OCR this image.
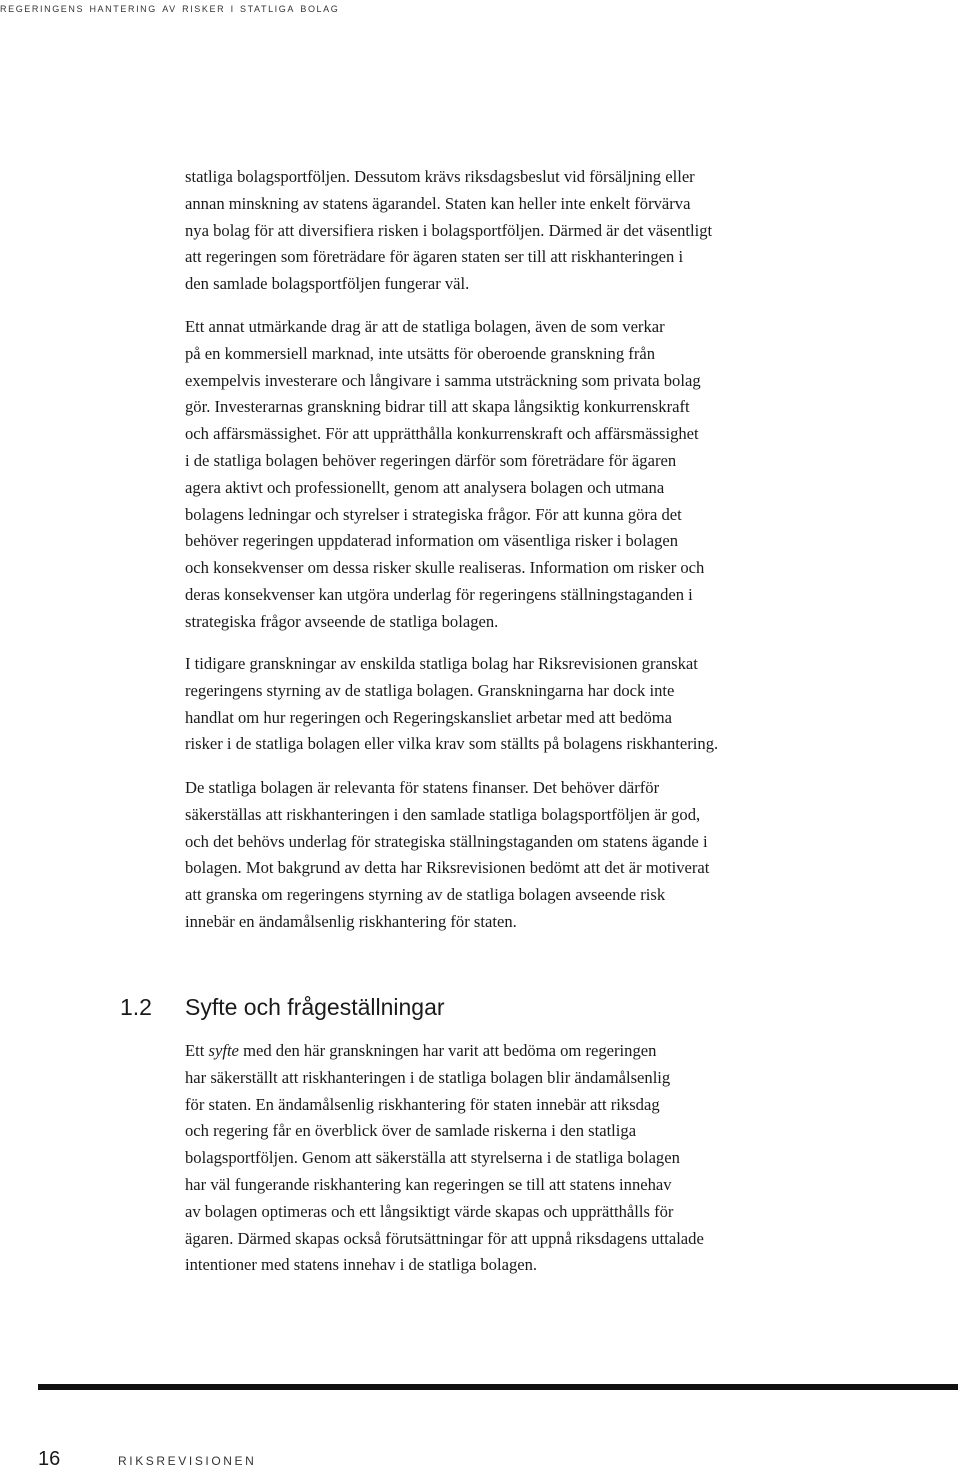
regeringens hantering av risker i statliga bolag

statliga bolagsportföljen. Dessutom krävs riksdagsbeslut vid försäljning eller
annan minskning av statens ägarandel. Staten kan heller inte enkelt förvärva
nya bolag för att diversifiera risken i bolagsportföljen. Därmed är det väsentligt
att regeringen som företrädare för ägaren staten ser till att riskhanteringen i
den samlade bolagsportföljen fungerar väl.

Ett annat utmärkande drag är att de statliga bolagen, även de som verkar
på en kommersiell marknad, inte utsätts för oberoende granskning från
exempelvis investerare och långivare i samma utsträckning som privata bolag
gör. Investerarnas granskning bidrar till att skapa långsiktig konkurrenskraft
och affärsmässighet. För att upprätthålla konkurrenskraft och affärsmässighet
i de statliga bolagen behöver regeringen därför som företrädare för ägaren
agera aktivt och professionellt, genom att analysera bolagen och utmana
bolagens ledningar och styrelser i strategiska frågor. För att kunna göra det
behöver regeringen uppdaterad information om väsentliga risker i bolagen
och konsekvenser om dessa risker skulle realiseras. Information om risker och
deras konsekvenser kan utgöra underlag för regeringens ställningstaganden i
strategiska frågor avseende de statliga bolagen.

I tidigare granskningar av enskilda statliga bolag har Riksrevisionen granskat
regeringens styrning av de statliga bolagen. Granskningarna har dock inte
handlat om hur regeringen och Regeringskansliet arbetar med att bedöma
risker i de statliga bolagen eller vilka krav som ställts på bolagens riskhantering.

De statliga bolagen är relevanta för statens finanser. Det behöver därför
säkerställas att riskhanteringen i den samlade statliga bolagsportföljen är god,
och det behövs underlag för strategiska ställningstaganden om statens ägande i
bolagen. Mot bakgrund av detta har Riksrevisionen bedömt att det är motiverat
att granska om regeringens styrning av de statliga bolagen avseende risk
innebär en ändamålsenlig riskhantering för staten.

1.2 Syfte och frågeställningar

Ett syfte med den här granskningen har varit att bedöma om regeringen
har säkerställt att riskhanteringen i de statliga bolagen blir ändamålsenlig
för staten. En ändamålsenlig riskhantering för staten innebär att riksdag
och regering får en överblick över de samlade riskerna i den statliga
bolagsportföljen. Genom att säkerställa att styrelserna i de statliga bolagen
har väl fungerande riskhantering kan regeringen se till att statens innehav
av bolagen optimeras och ett långsiktigt värde skapas och upprätthålls för
ägaren. Därmed skapas också förutsättningar för att uppnå riksdagens uttalade
intentioner med statens innehav i de statliga bolagen.

16	RIKSREVISIONEN
